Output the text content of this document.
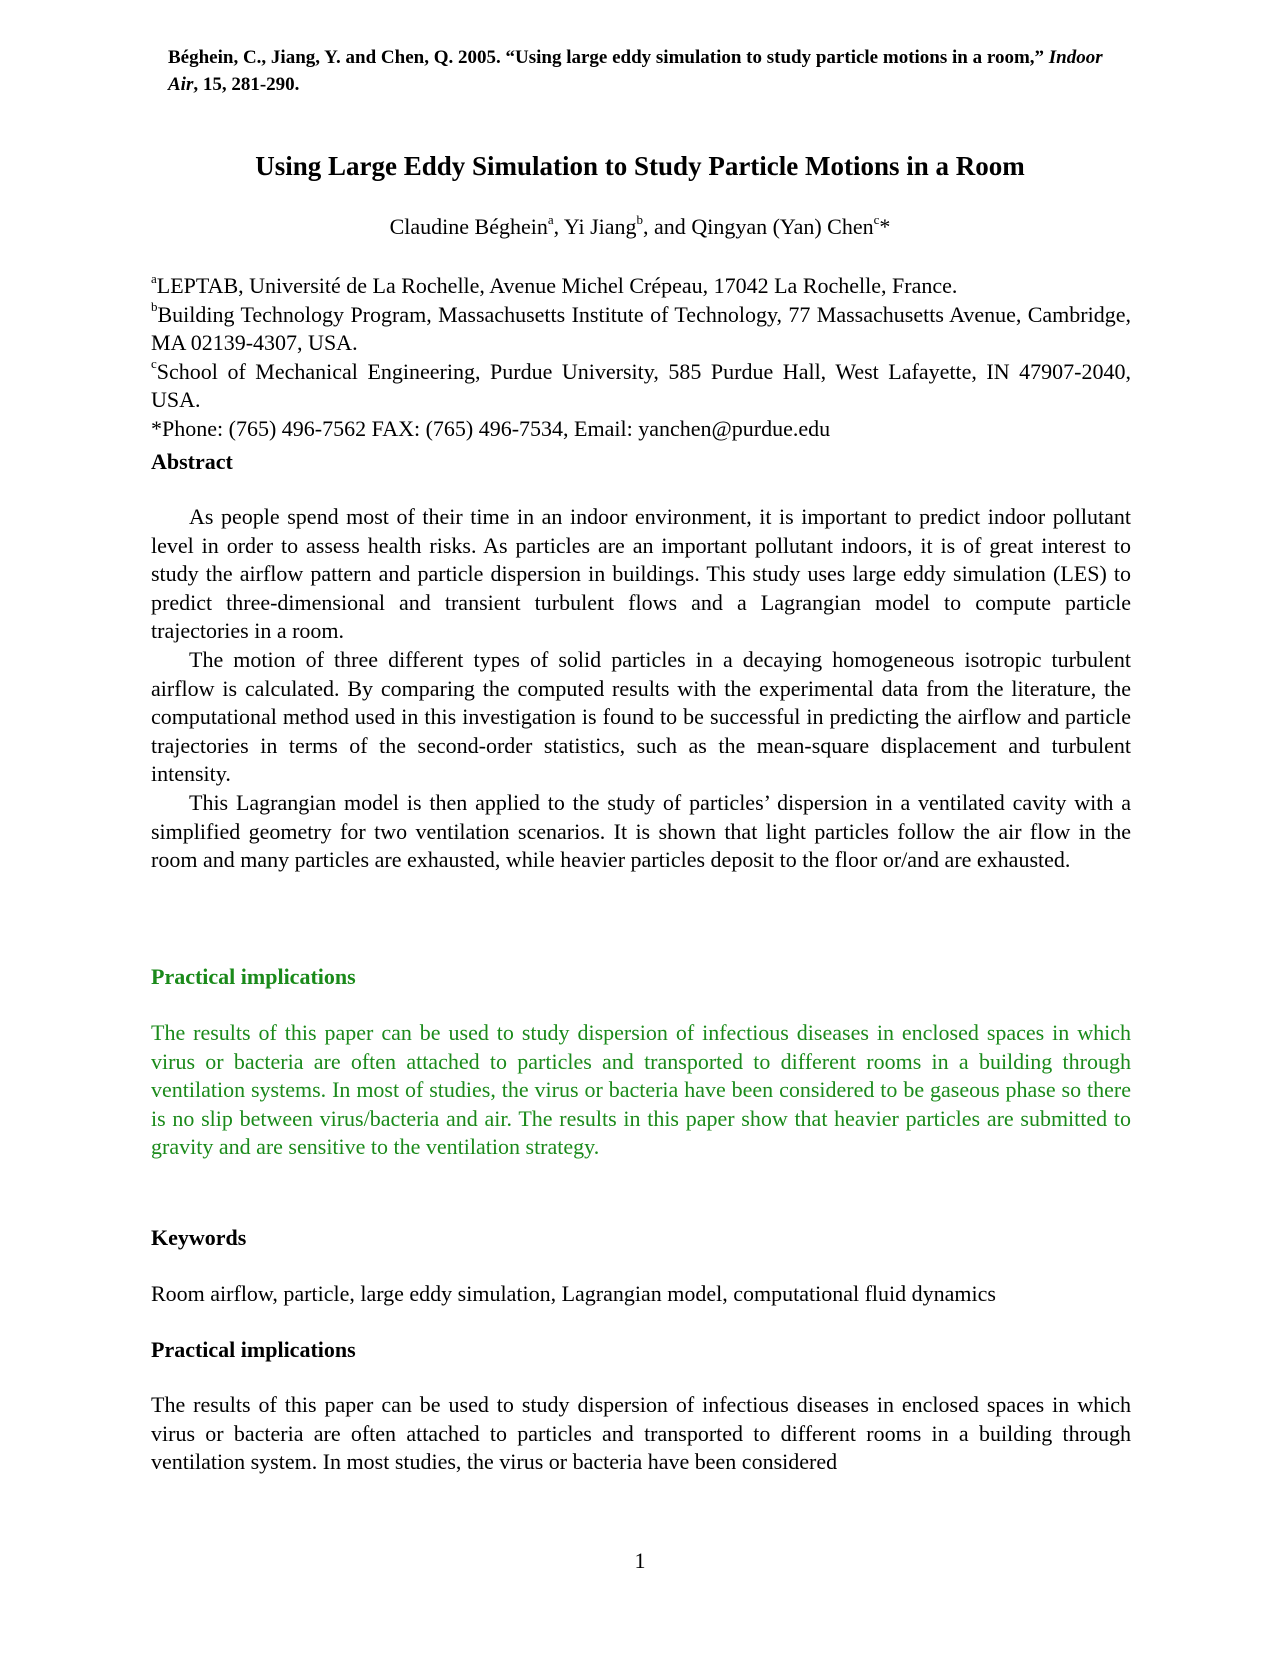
Béghein, C., Jiang, Y. and Chen, Q. 2005. “Using large eddy simulation to study particle motions in a room,” Indoor Air, 15, 281-290.
Using Large Eddy Simulation to Study Particle Motions in a Room
Claudine Béghein$^a$, Yi Jiang$^b$, and Qingyan (Yan) Chen$^c$*

$^a$LEPTAB, Université de La Rochelle, Avenue Michel Crépeau, 17042 La Rochelle, France.

$^b$Building Technology Program, Massachusetts Institute of Technology, 77 Massachusetts Avenue, Cambridge, MA 02139-4307, USA.

$^c$School of Mechanical Engineering, Purdue University, 585 Purdue Hall, West Lafayette, IN 47907-2040, USA.

*Phone: (765) 496-7562 FAX: (765) 496-7534, Email: yanchen@purdue.edu

Abstract

As people spend most of their time in an indoor environment, it is important to predict indoor pollutant level in order to assess health risks. As particles are an important pollutant indoors, it is of great interest to study the airflow pattern and particle dispersion in buildings. This study uses large eddy simulation (LES) to predict three-dimensional and transient turbulent flows and a Lagrangian model to compute particle trajectories in a room.

The motion of three different types of solid particles in a decaying homogeneous isotropic turbulent airflow is calculated. By comparing the computed results with the experimental data from the literature, the computational method used in this investigation is found to be successful in predicting the airflow and particle trajectories in terms of the second-order statistics, such as the mean-square displacement and turbulent intensity.

This Lagrangian model is then applied to the study of particles’ dispersion in a ventilated cavity with a simplified geometry for two ventilation scenarios. It is shown that light particles follow the air flow in the room and many particles are exhausted, while heavier particles deposit to the floor or/and are exhausted.

Practical implications

The results of this paper can be used to study dispersion of infectious diseases in enclosed spaces in which virus or bacteria are often attached to particles and transported to different rooms in a building through ventilation systems. In most of studies, the virus or bacteria have been considered to be gaseous phase so there is no slip between virus/bacteria and air. The results in this paper show that heavier particles are submitted to gravity and are sensitive to the ventilation strategy.

Keywords

Room airflow, particle, large eddy simulation, Lagrangian model, computational fluid dynamics

Practical implications

The results of this paper can be used to study dispersion of infectious diseases in enclosed spaces in which virus or bacteria are often attached to particles and transported to different rooms in a building through ventilation system. In most studies, the virus or bacteria have been considered

1
